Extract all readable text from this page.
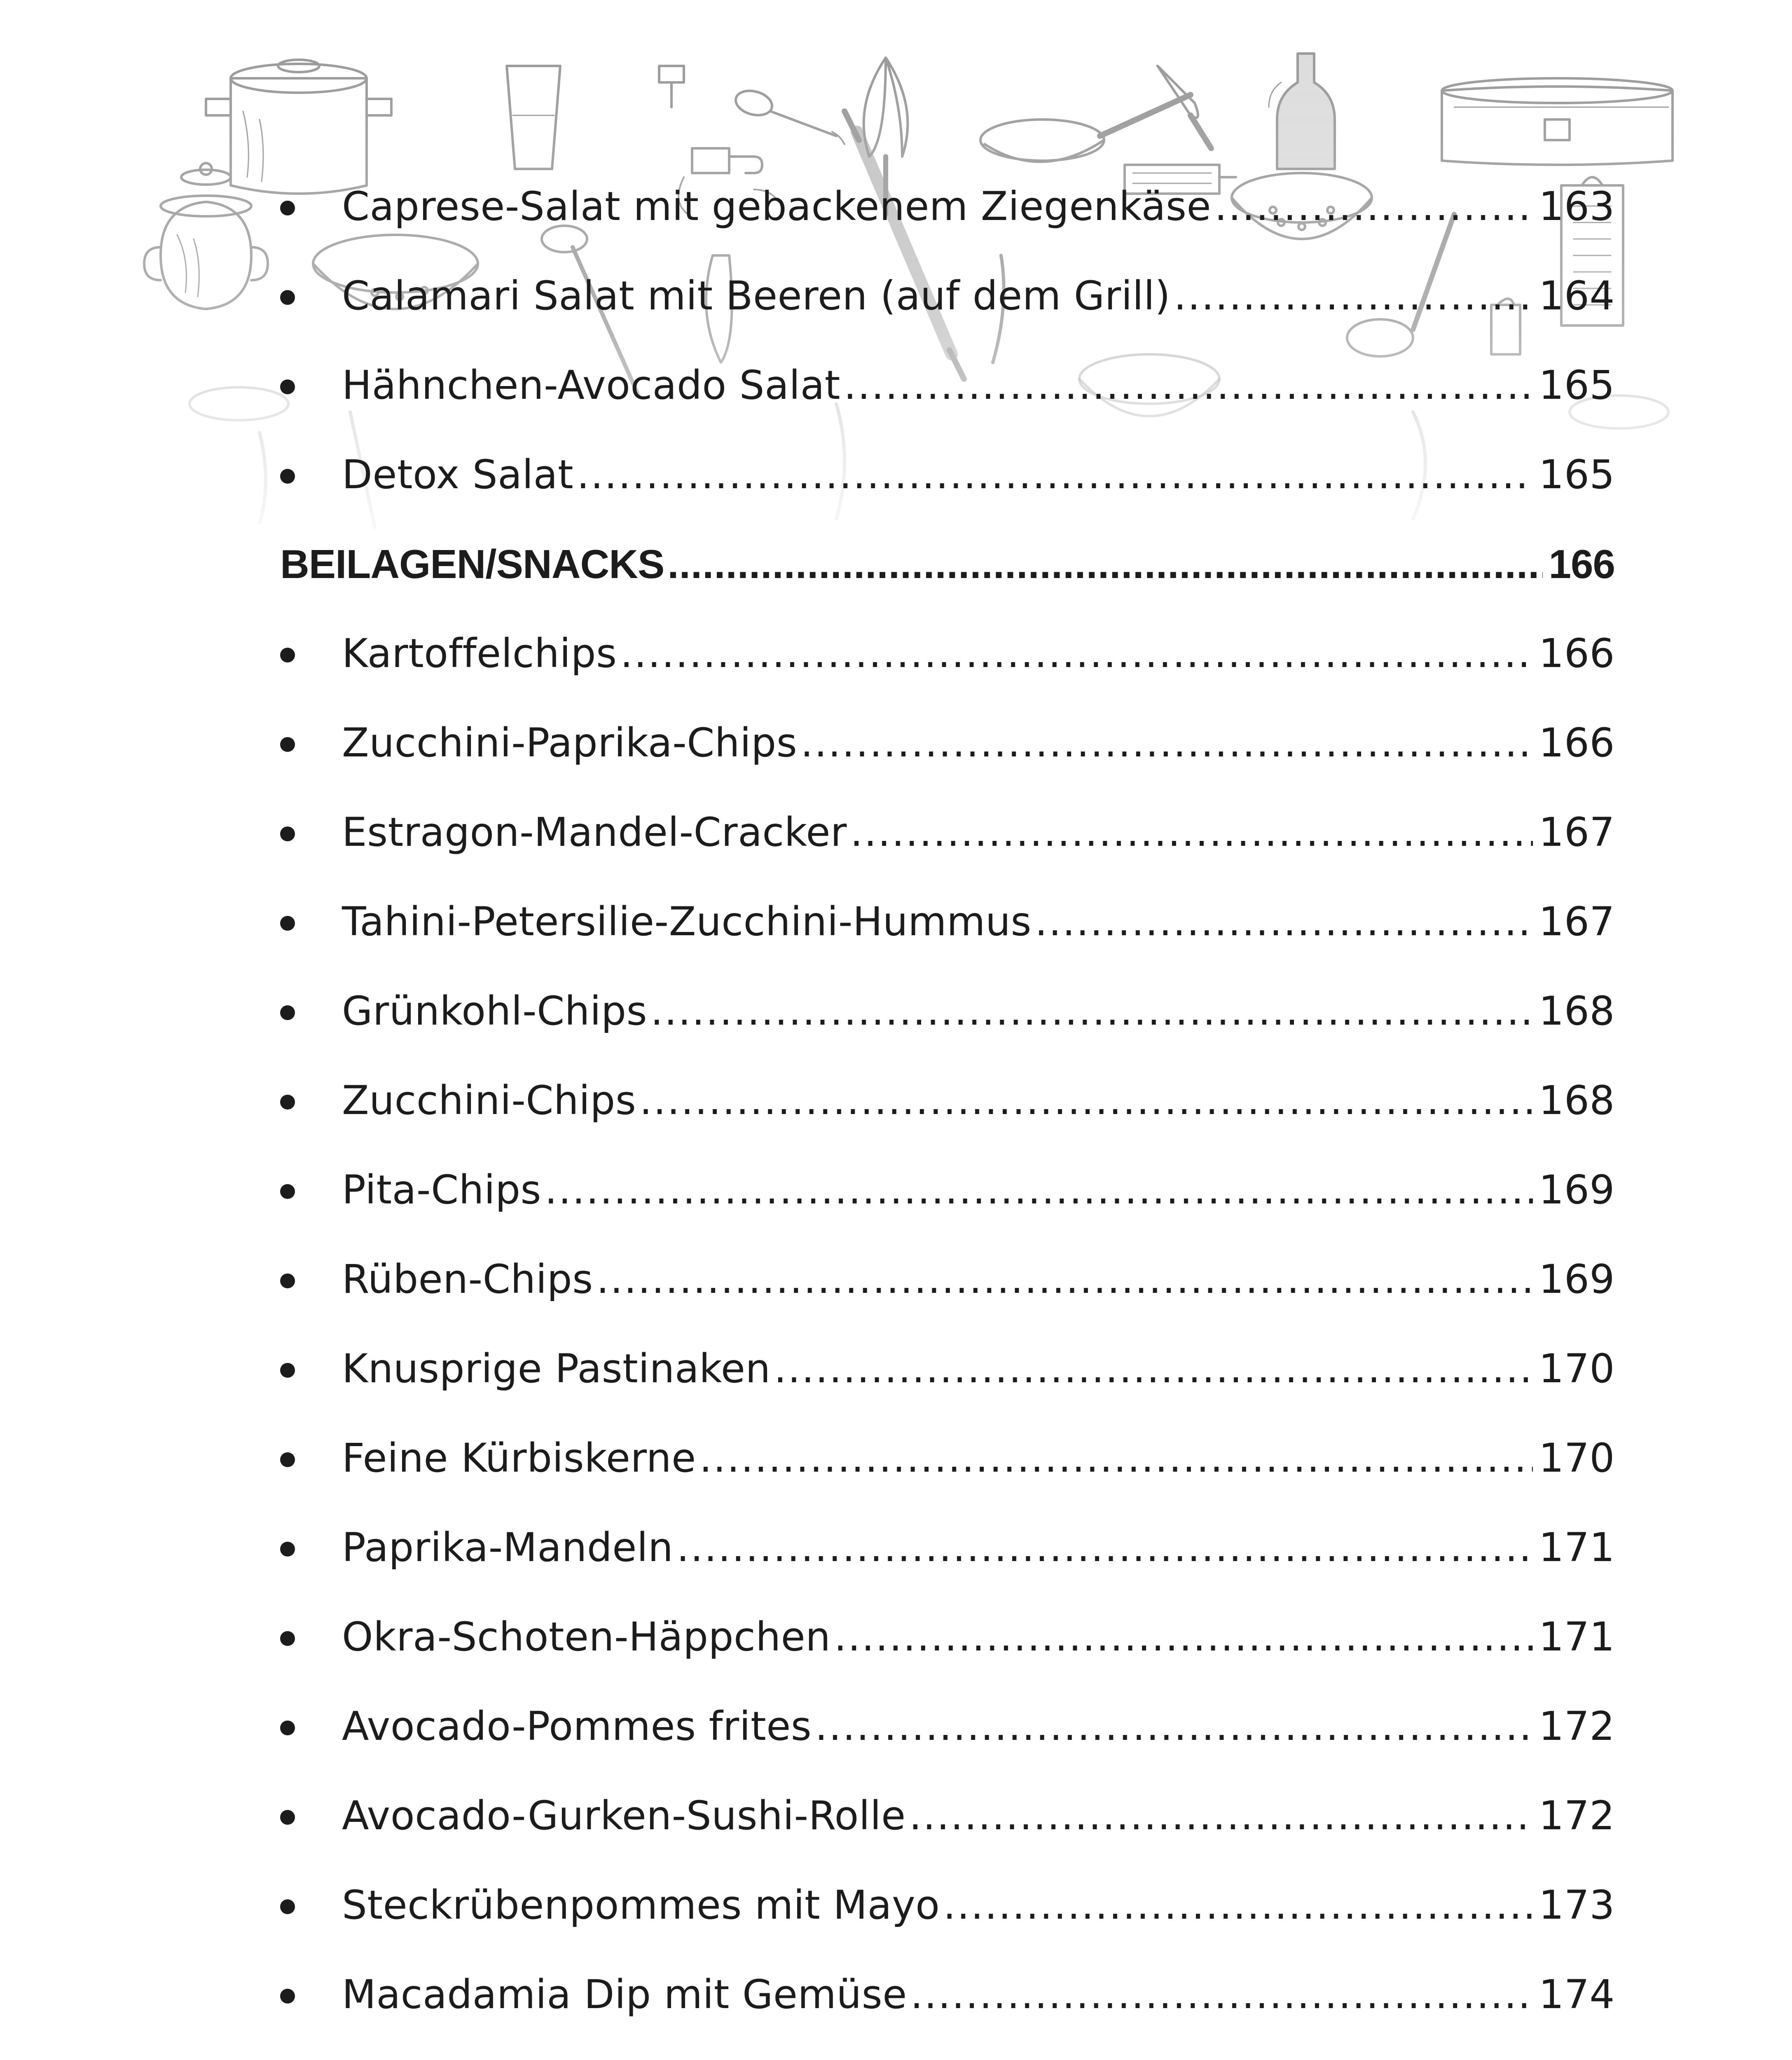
Caprese-Salat mit gebackenem Ziegenkäse .....	163
Calamari Salat mit Beeren (auf dem Grill) .....	164
Hähnchen-Avocado Salat .....	165
Detox Salat .....	165
BEILAGEN/SNACKS .....	166
Kartoffelchips .....	166
Zucchini-Paprika-Chips .....	166
Estragon-Mandel-Cracker .....	167
Tahini-Petersilie-Zucchini-Hummus .....	167
Grünkohl-Chips .....	168
Zucchini-Chips .....	168
Pita-Chips .....	169
Rüben-Chips .....	169
Knusprige Pastinaken .....	170
Feine Kürbiskerne .....	170
Paprika-Mandeln .....	171
Okra-Schoten-Häppchen .....	171
Avocado-Pommes frites .....	172
Avocado-Gurken-Sushi-Rolle .....	172
Steckrübenpommes mit Mayo .....	173
Macadamia Dip mit Gemüse .....	174
